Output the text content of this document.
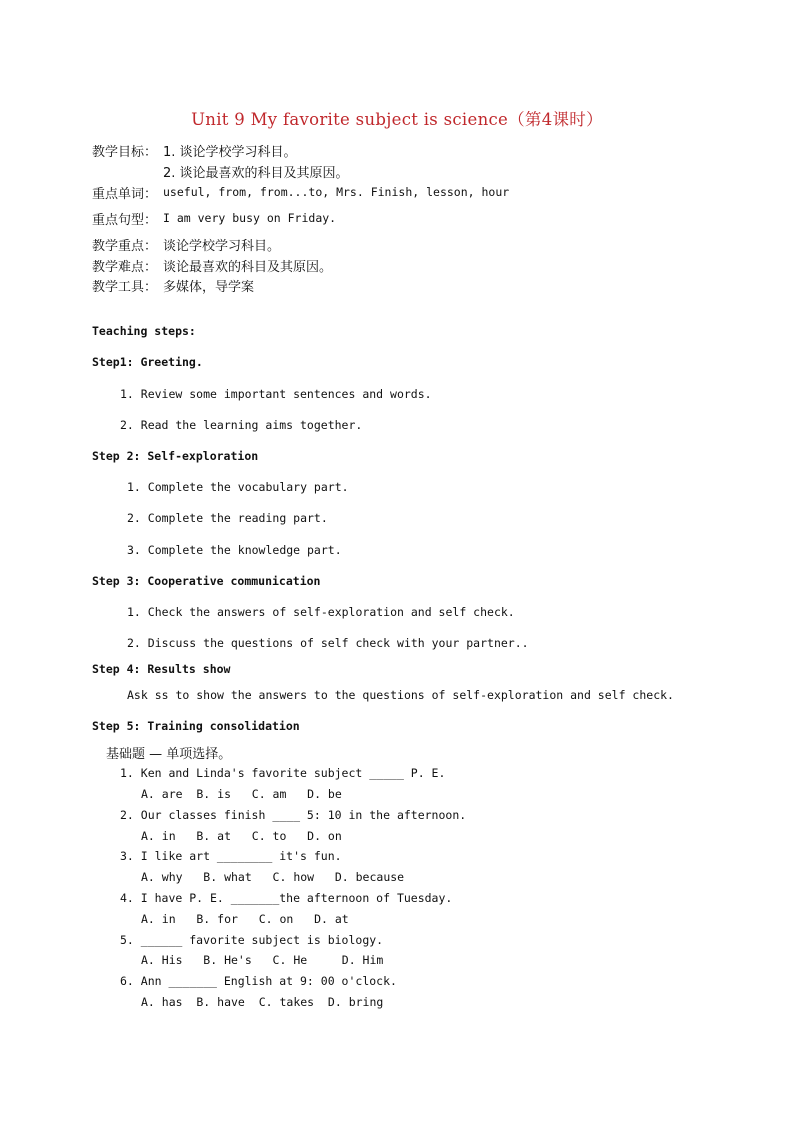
Unit 9 My favorite subject is science（第4课时）
教学目标： 1. 谈论学校学习科目。
2. 谈论最喜欢的科目及其原因。
重点单词： useful, from, from...to, Mrs. Finish, lesson, hour
重点句型： I am very busy on Friday.
教学重点： 谈论学校学习科目。
教学难点： 谈论最喜欢的科目及其原因。
教学工具： 多媒体，导学案
Teaching steps:
Step1: Greeting.
1. Review some important sentences and words.
2. Read the learning aims together.
Step 2: Self-exploration
1. Complete the vocabulary part.
2. Complete the reading part.
3. Complete the knowledge part.
Step 3: Cooperative communication
1. Check the answers of self-exploration and self check.
2. Discuss the questions of self check with your partner..
Step 4: Results show
Ask ss to show the answers to the questions of self-exploration and self check.
Step 5: Training consolidation
基础题 — 单项选择。
1. Ken and Linda's favorite subject _____ P. E.
A. are  B. is   C. am   D. be
2. Our classes finish ____ 5: 10 in the afternoon.
A. in   B. at   C. to   D. on
3. I like art ________ it's fun.
A. why   B. what   C. how   D. because
4. I have P. E. _______the afternoon of Tuesday.
A. in   B. for   C. on   D. at
5. ______ favorite subject is biology.
A. His   B. He's   C. He     D. Him
6. Ann _______ English at 9: 00 o'clock.
A. has  B. have  C. takes  D. bring
